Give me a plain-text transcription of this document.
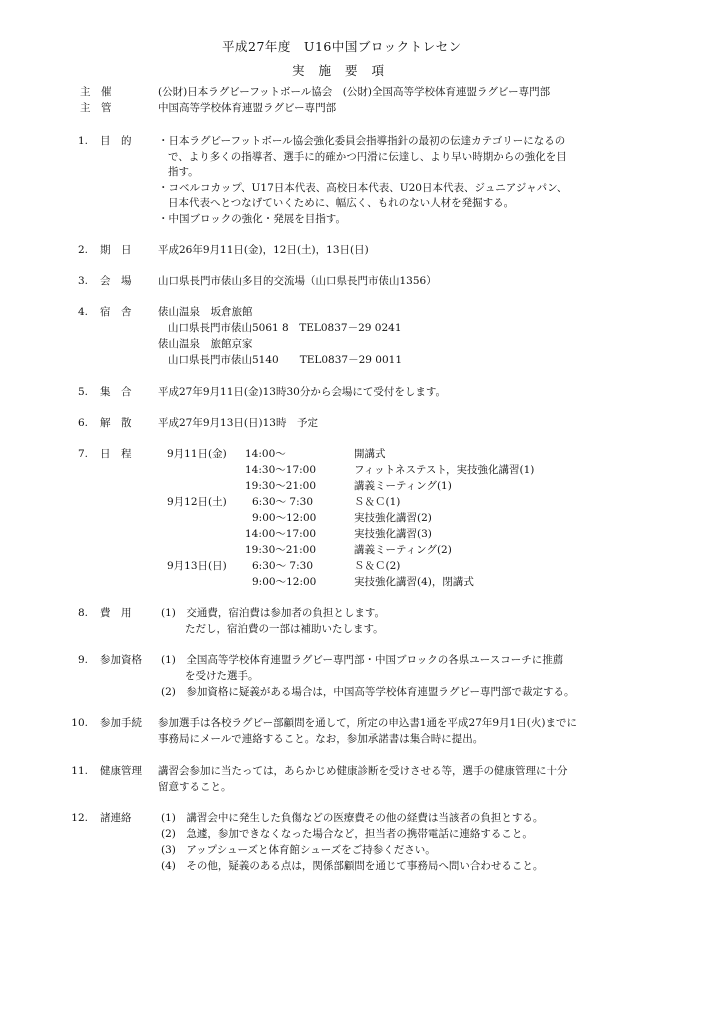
平成27年度　U16中国ブロックトレセン
実施要項
主　催	(公財)日本ラグビーフットボール協会　(公財)全国高等学校体育連盟ラグビー専門部
主　管	中国高等学校体育連盟ラグビー専門部
1. 目　的	・日本ラグビーフットボール協会強化委員会指導指針の最初の伝達カテゴリーになるの
で、より多くの指導者、選手に的確かつ円滑に伝達し、より早い時期からの強化を目
指す。
・コベルコカップ、U17日本代表、高校日本代表、U20日本代表、ジュニアジャパン、
日本代表へとつなげていくために、幅広く、もれのない人材を発掘する。
・中国ブロックの強化・発展を目指す。
2. 期　日	平成26年9月11日(金)，12日(土)，13日(日)
3. 会　場	山口県長門市俵山多目的交流場（山口県長門市俵山1356）
4. 宿　舎	俵山温泉　坂倉旅館
山口県長門市俵山5061 8　TEL0837－29 0241
俵山温泉　旅館京家
山口県長門市俵山5140　　TEL0837－29 0011
5. 集　合	平成27年9月11日(金)13時30分から会場にて受付をします。
6. 解　散	平成27年9月13日(日)13時　予定
7. 日　程	9月11日(金) 14:00～	開講式
14:30～17:00	フィットネステスト，実技強化講習(1)
19:30～21:00	講義ミーティング(1)
9月12日(土) 6:30～ 7:30	Ｓ＆Ｃ(1)
9:00～12:00	実技強化講習(2)
14:00～17:00	実技強化講習(3)
19:30～21:00	講義ミーティング(2)
9月13日(日) 6:30～ 7:30	Ｓ＆Ｃ(2)
9:00～12:00	実技強化講習(4)，閉講式
8. 費　用	(1)　交通費，宿泊費は参加者の負担とします。
ただし，宿泊費の一部は補助いたします。
9. 参加資格 (1)　全国高等学校体育連盟ラグビー専門部・中国ブロックの各県ユースコーチに推薦
を受けた選手。
(2)　参加資格に疑義がある場合は，中国高等学校体育連盟ラグビー専門部で裁定する。
10. 参加手続 参加選手は各校ラグビー部顧問を通して，所定の申込書1通を平成27年9月1日(火)までに
事務局にメールで連絡すること。なお，参加承諾書は集合時に提出。
11. 健康管理 講習会参加に当たっては，あらかじめ健康診断を受けさせる等，選手の健康管理に十分
留意すること。
12. 諸連絡	(1)　講習会中に発生した負傷などの医療費その他の経費は当該者の負担とする。
(2)　急遽，参加できなくなった場合など，担当者の携帯電話に連絡すること。
(3)　アップシューズと体育館シューズをご持参ください。
(4)　その他，疑義のある点は，関係部顧問を通じて事務局へ問い合わせること。
